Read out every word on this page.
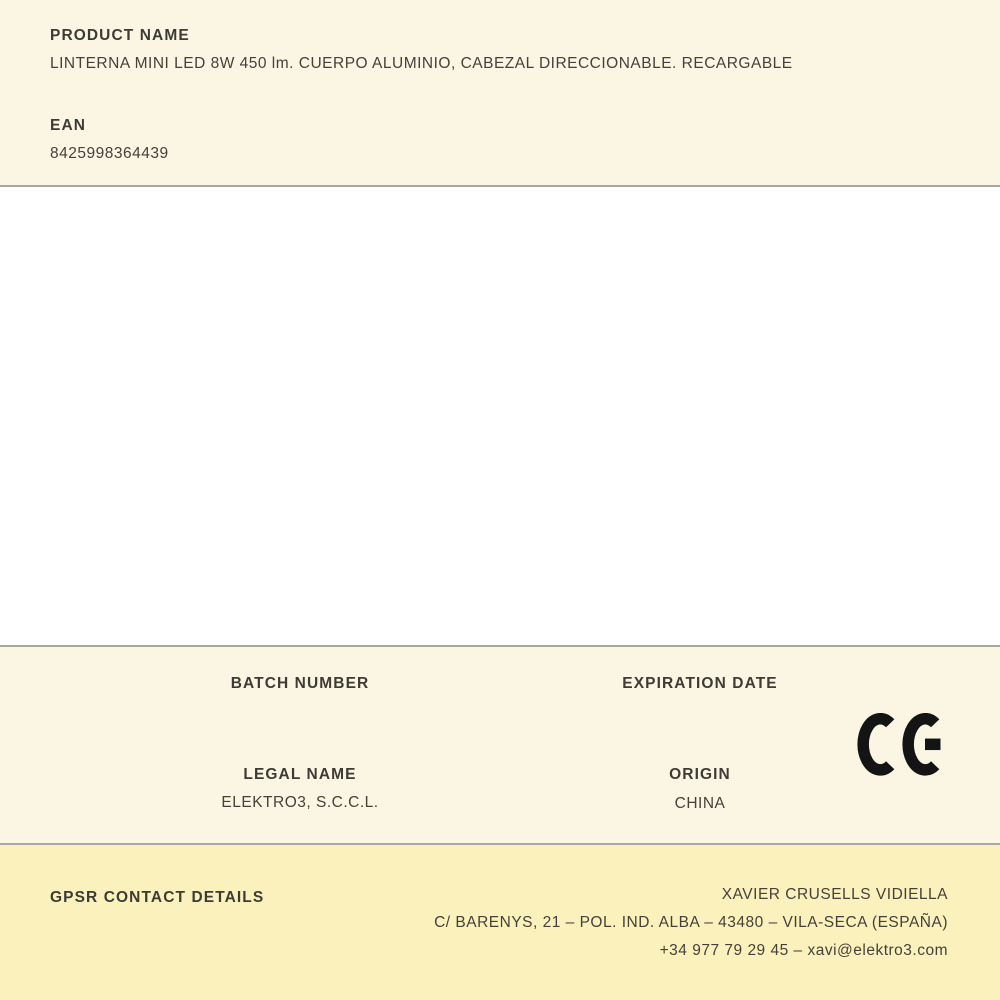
PRODUCT NAME
LINTERNA MINI LED 8W 450 lm. CUERPO ALUMINIO, CABEZAL DIRECCIONABLE. RECARGABLE
EAN
8425998364439
BATCH NUMBER	EXPIRATION DATE
LEGAL NAME
ELEKTRO3, S.C.C.L.
ORIGIN
CHINA
GPSR CONTACT DETAILS	XAVIER CRUSELLS VIDIELLA
C/ BARENYS, 21 – POL. IND. ALBA – 43480 – VILA-SECA (ESPAÑA)
+34 977 79 29 45 – xavi@elektro3.com
